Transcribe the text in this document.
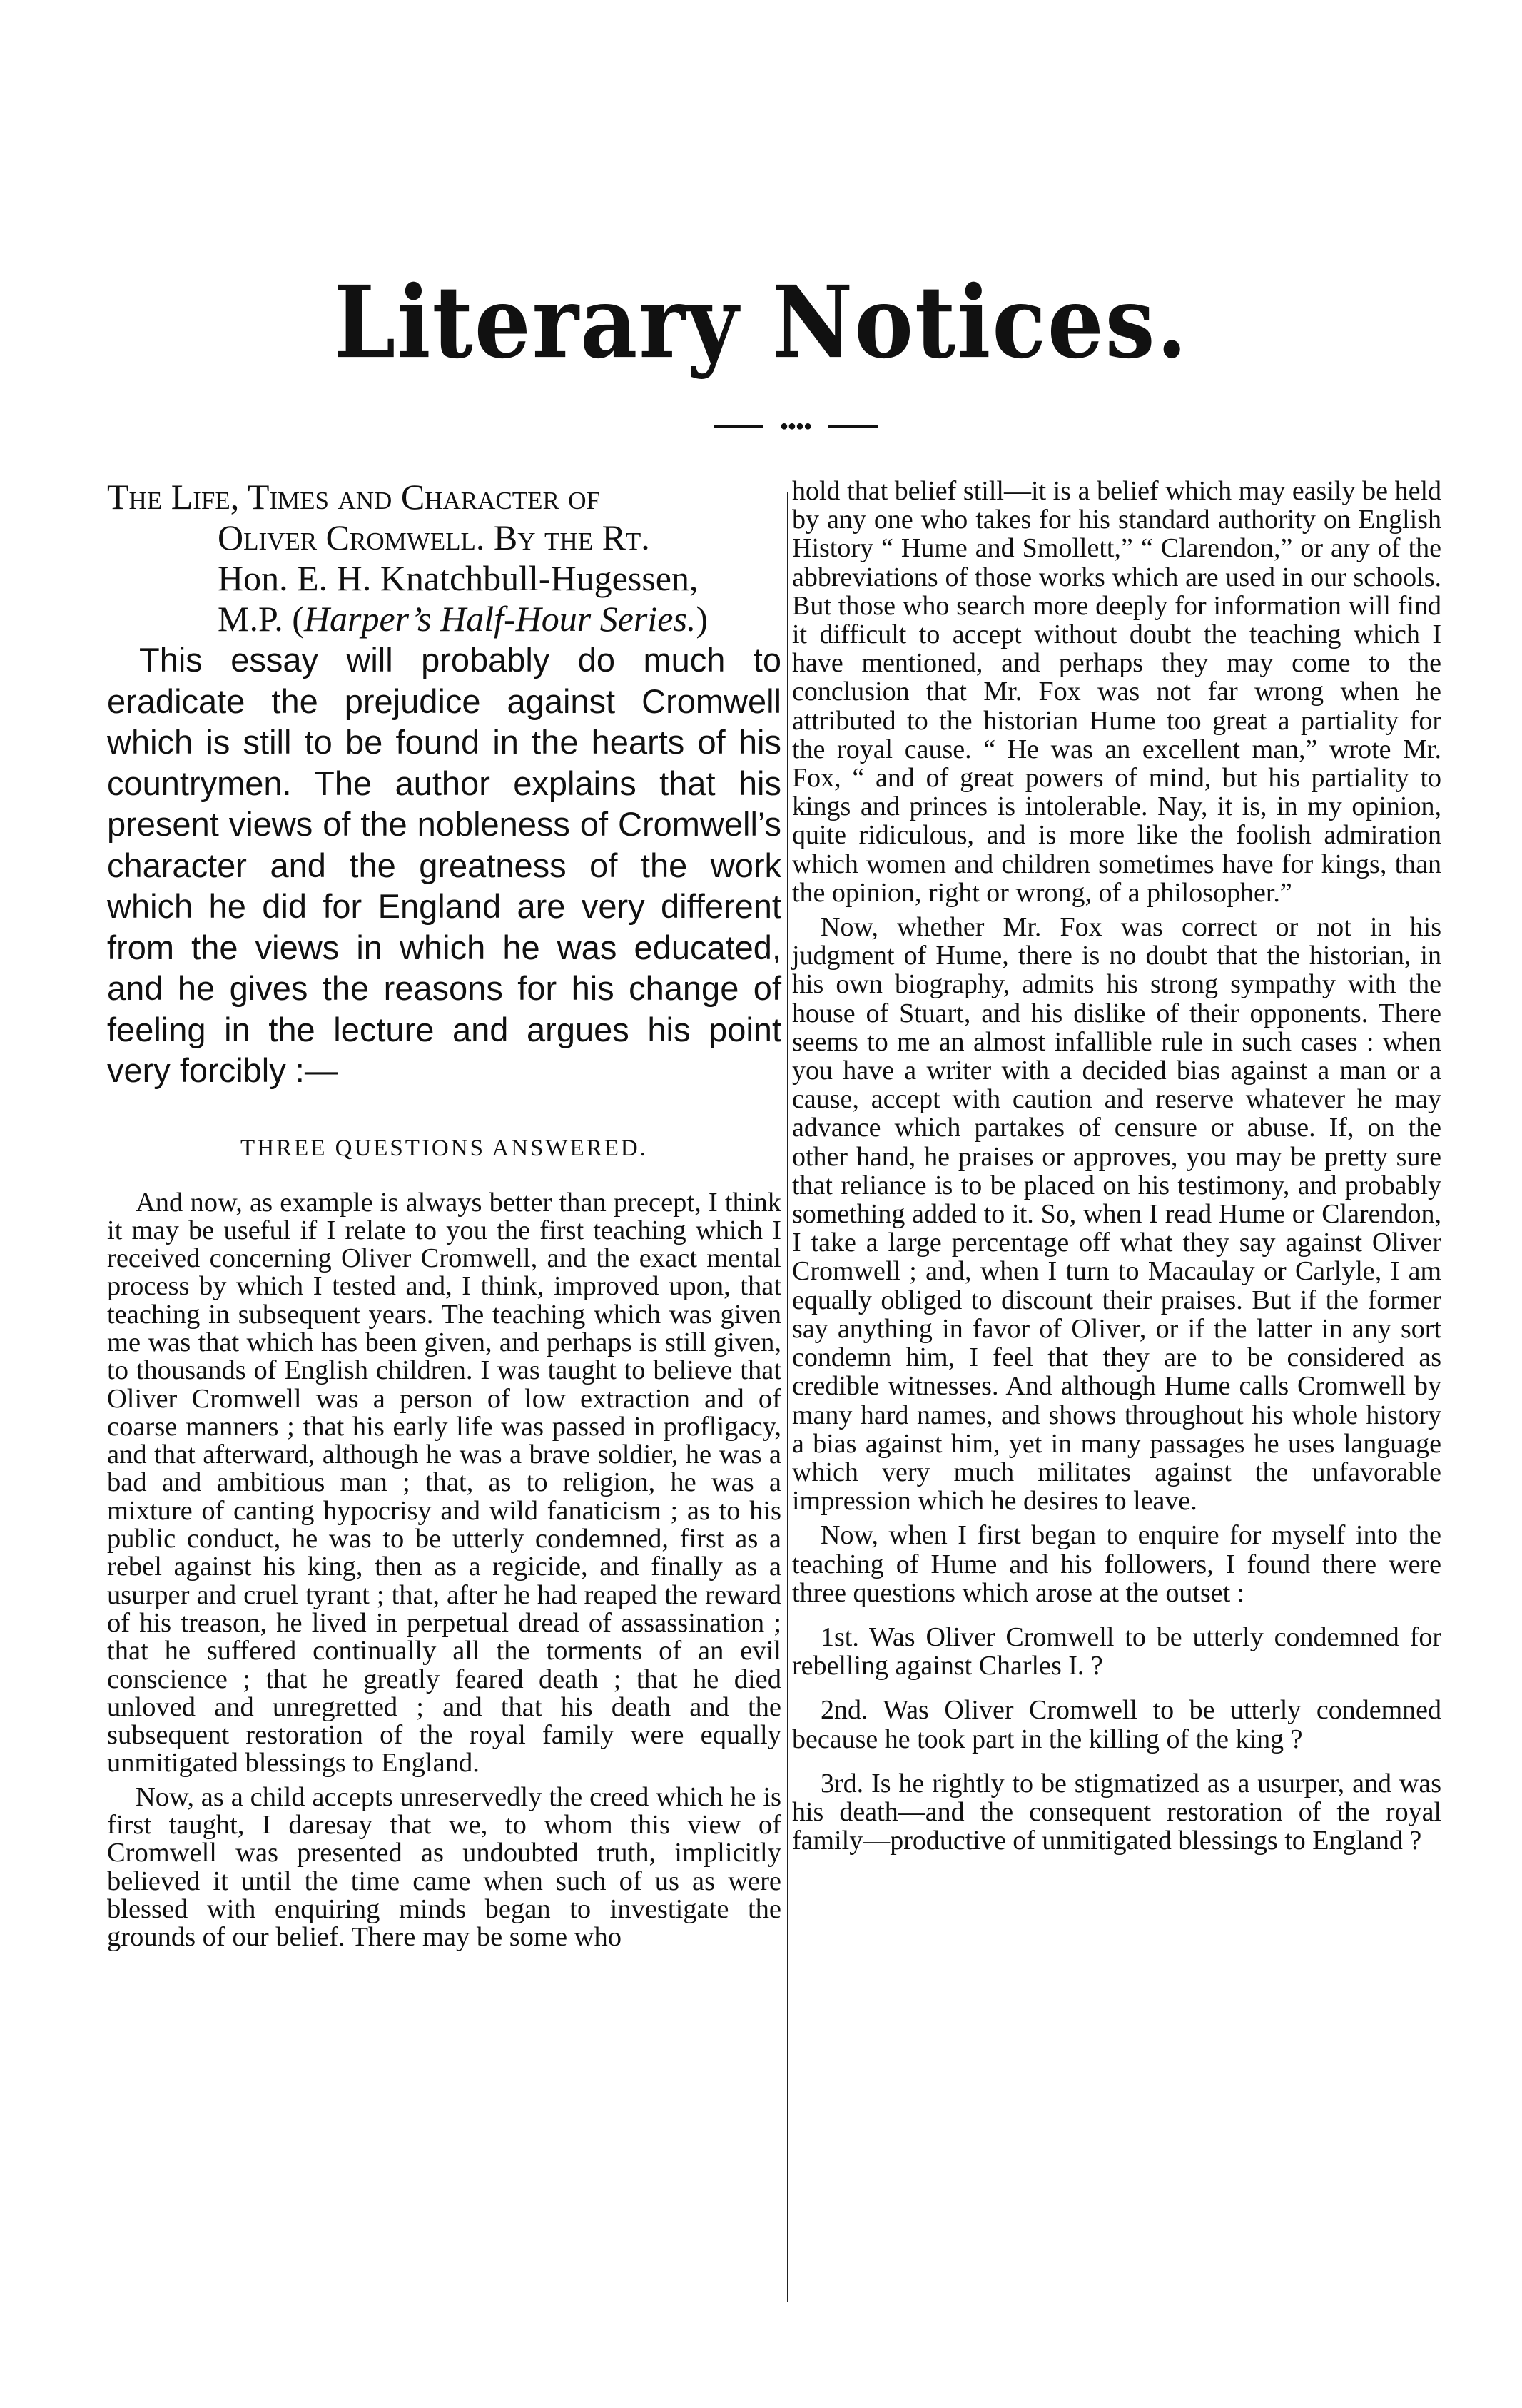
Literary Notices.
●●●●
The Life, Times and Character of

Oliver Cromwell. By the Rt.
Hon. E. H. Knatchbull-Hugessen,
M.P. (Harper’s Half-Hour Series.)

This essay will probably do much to eradicate the prejudice against Cromwell which is still to be found in the hearts of his countrymen. The author explains that his present views of the nobleness of Cromwell’s character and the greatness of the work which he did for England are very different from the views in which he was educated, and he gives the reasons for his change of feeling in the lecture and argues his point very forcibly :—

THREE QUESTIONS ANSWERED.

And now, as example is always better than precept, I think it may be useful if I relate to you the first teaching which I received concerning Oliver Cromwell, and the exact mental process by which I tested and, I think, improved upon, that teaching in subsequent years. The teaching which was given me was that which has been given, and perhaps is still given, to thousands of English children. I was taught to believe that Oliver Cromwell was a person of low extraction and of coarse manners ; that his early life was passed in profligacy, and that afterward, although he was a brave soldier, he was a bad and ambitious man ; that, as to religion, he was a mixture of canting hypocrisy and wild fanaticism ; as to his public conduct, he was to be utterly condemned, first as a rebel against his king, then as a regicide, and finally as a usurper and cruel tyrant ; that, after he had reaped the reward of his treason, he lived in perpetual dread of assassination ; that he suffered continually all the torments of an evil conscience ; that he greatly feared death ; that he died unloved and unregretted ; and that his death and the subsequent restoration of the royal family were equally unmitigated blessings to England.

Now, as a child accepts unreservedly the creed which he is first taught, I daresay that we, to whom this view of Cromwell was presented as undoubted truth, implicitly believed it until the time came when such of us as were blessed with enquiring minds began to investigate the grounds of our belief. There may be some who

hold that belief still—it is a belief which may easily be held by any one who takes for his standard authority on English History “ Hume and Smollett,” “ Clarendon,” or any of the abbreviations of those works which are used in our schools. But those who search more deeply for information will find it difficult to accept without doubt the teaching which I have mentioned, and perhaps they may come to the conclusion that Mr. Fox was not far wrong when he attributed to the historian Hume too great a partiality for the royal cause. “ He was an excellent man,” wrote Mr. Fox, “ and of great powers of mind, but his partiality to kings and princes is intolerable. Nay, it is, in my opinion, quite ridiculous, and is more like the foolish admiration which women and children sometimes have for kings, than the opinion, right or wrong, of a philosopher.”

Now, whether Mr. Fox was correct or not in his judgment of Hume, there is no doubt that the historian, in his own biography, admits his strong sympathy with the house of Stuart, and his dislike of their opponents. There seems to me an almost infallible rule in such cases : when you have a writer with a decided bias against a man or a cause, accept with caution and reserve whatever he may advance which partakes of censure or abuse. If, on the other hand, he praises or approves, you may be pretty sure that reliance is to be placed on his testimony, and probably something added to it. So, when I read Hume or Clarendon, I take a large percentage off what they say against Oliver Cromwell ; and, when I turn to Macaulay or Carlyle, I am equally obliged to discount their praises. But if the former say anything in favor of Oliver, or if the latter in any sort condemn him, I feel that they are to be considered as credible witnesses. And although Hume calls Cromwell by many hard names, and shows throughout his whole history a bias against him, yet in many passages he uses language which very much militates against the unfavorable impression which he desires to leave.

Now, when I first began to enquire for myself into the teaching of Hume and his followers, I found there were three questions which arose at the outset :

1st. Was Oliver Cromwell to be utterly condemned for rebelling against Charles I. ?

2nd. Was Oliver Cromwell to be utterly condemned because he took part in the killing of the king ?

3rd. Is he rightly to be stigmatized as a usurper, and was his death—and the consequent restoration of the royal family—productive of unmitigated blessings to England ?
